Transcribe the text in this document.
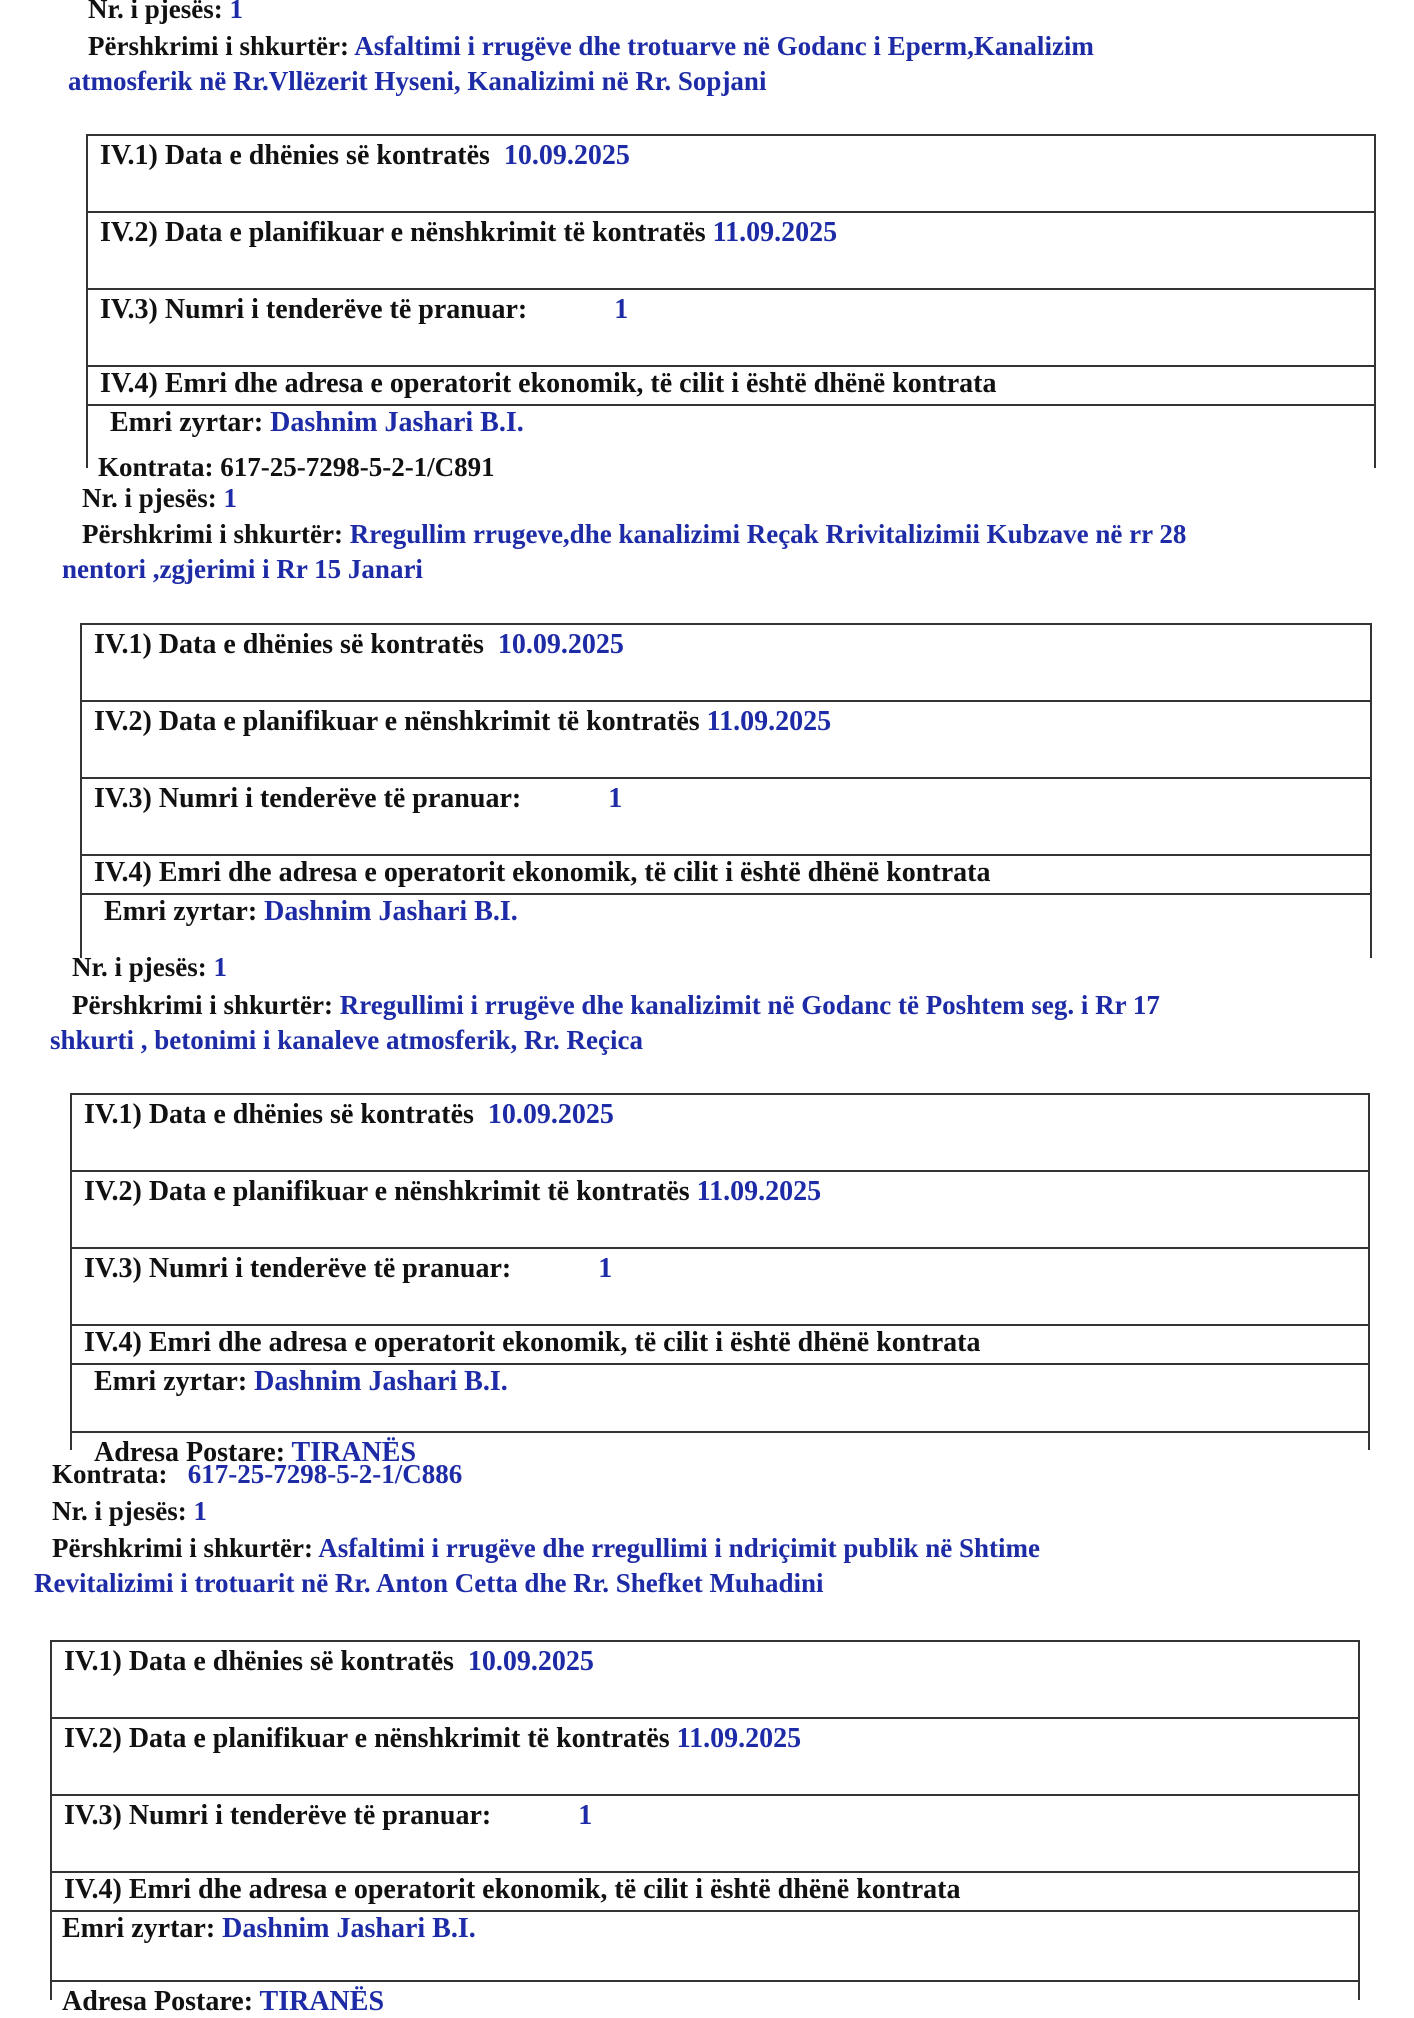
Nr. i pjesës: 1
Përshkrimi i shkurtër: Asfaltimi i rrugëve dhe trotuarve në Godanc i Eperm,Kanalizim
atmosferik në Rr.Vllëzerit Hyseni, Kanalizimi në Rr. Sopjani
IV.1) Data e dhënies së kontratës 10.09.2025
IV.2) Data e planifikuar e nënshkrimit të kontratës 11.09.2025
IV.3) Numri i tenderëve të pranuar:	1
IV.4) Emri dhe adresa e operatorit ekonomik, të cilit i është dhënë kontrata
Emri zyrtar: Dashnim Jashari B.I.
Kontrata: 617-25-7298-5-2-1/C891
Nr. i pjesës: 1
Përshkrimi i shkurtër: Rregullim rrugeve,dhe kanalizimi Reçak Rrivitalizimii Kubzave në rr 28
nentori ,zgjerimi i Rr 15 Janari
IV.1) Data e dhënies së kontratës 10.09.2025
IV.2) Data e planifikuar e nënshkrimit të kontratës 11.09.2025
IV.3) Numri i tenderëve të pranuar:	1
IV.4) Emri dhe adresa e operatorit ekonomik, të cilit i është dhënë kontrata
Emri zyrtar: Dashnim Jashari B.I.
Nr. i pjesës: 1
Përshkrimi i shkurtër: Rregullimi i rrugëve dhe kanalizimit në Godanc të Poshtem seg. i Rr 17
shkurti , betonimi i kanaleve atmosferik, Rr. Reçica
IV.1) Data e dhënies së kontratës 10.09.2025
IV.2) Data e planifikuar e nënshkrimit të kontratës 11.09.2025
IV.3) Numri i tenderëve të pranuar:	1
IV.4) Emri dhe adresa e operatorit ekonomik, të cilit i është dhënë kontrata
Emri zyrtar: Dashnim Jashari B.I.
Adresa Postare: TIRANËS
Kontrata: 617-25-7298-5-2-1/C886
Nr. i pjesës: 1
Përshkrimi i shkurtër: Asfaltimi i rrugëve dhe rregullimi i ndriçimit publik në Shtime
Revitalizimi i trotuarit në Rr. Anton Cetta dhe Rr. Shefket Muhadini
IV.1) Data e dhënies së kontratës 10.09.2025
IV.2) Data e planifikuar e nënshkrimit të kontratës 11.09.2025
IV.3) Numri i tenderëve të pranuar:	1
IV.4) Emri dhe adresa e operatorit ekonomik, të cilit i është dhënë kontrata
Emri zyrtar: Dashnim Jashari B.I.
Adresa Postare: TIRANËS
